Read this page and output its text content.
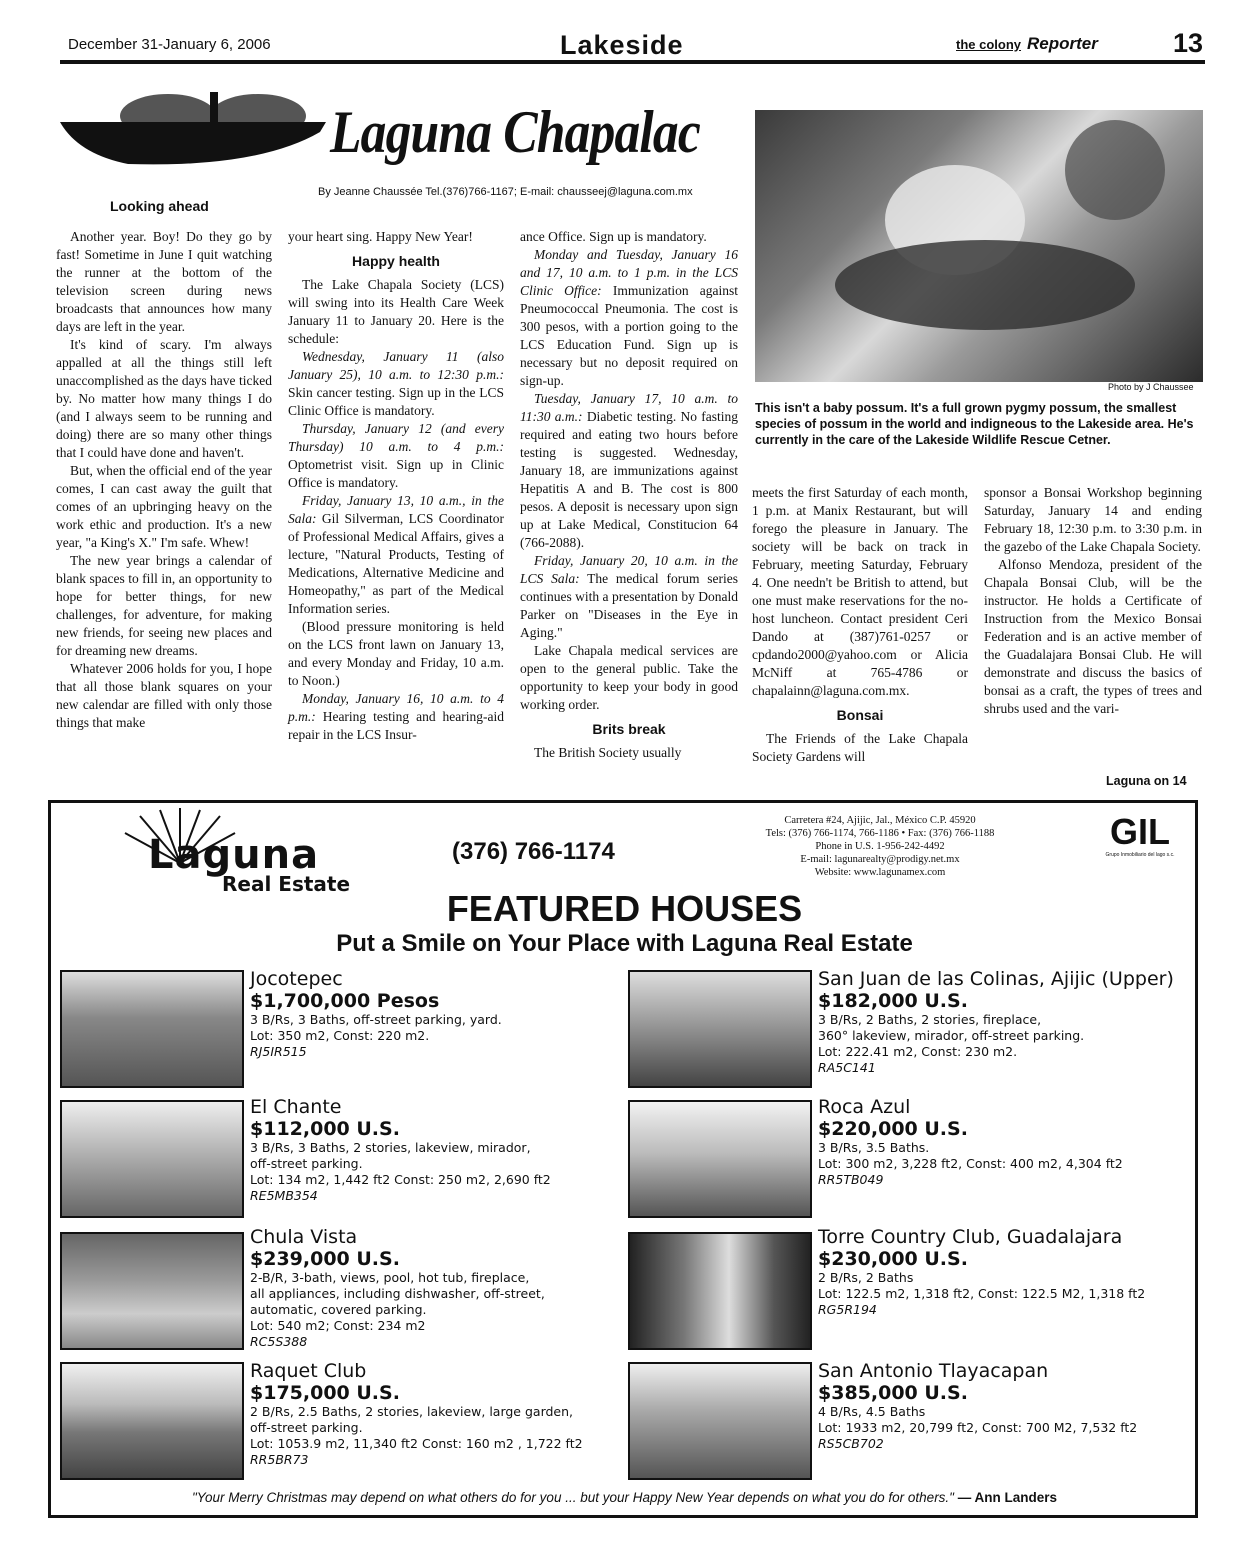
December 31-January 6, 2006	Lakeside	the colony Reporter	13
Laguna Chapalac
By Jeanne Chaussée Tel.(376)766-1167; E-mail: chausseej@laguna.com.mx
Looking ahead

Another year. Boy! Do they go by fast! Sometime in June I quit watching the runner at the bottom of the television screen during news broadcasts that announces how many days are left in the year.

It's kind of scary. I'm always appalled at all the things still left unaccomplished as the days have ticked by. No matter how many things I do (and I always seem to be running and doing) there are so many other things that I could have done and haven't.

But, when the official end of the year comes, I can cast away the guilt that comes of an upbringing heavy on the work ethic and production. It's a new year, "a King's X." I'm safe. Whew!

The new year brings a calendar of blank spaces to fill in, an opportunity to hope for better things, for new challenges, for adventure, for making new friends, for seeing new places and for dreaming new dreams.

Whatever 2006 holds for you, I hope that all those blank squares on your new calendar are filled with only those things that make

your heart sing. Happy New Year!

Happy health

The Lake Chapala Society (LCS) will swing into its Health Care Week January 11 to January 20. Here is the schedule:

Wednesday, January 11 (also January 25), 10 a.m. to 12:30 p.m.: Skin cancer testing. Sign up in the LCS Clinic Office is mandatory.

Thursday, January 12 (and every Thursday) 10 a.m. to 4 p.m.: Optometrist visit. Sign up in Clinic Office is mandatory.

Friday, January 13, 10 a.m., in the Sala: Gil Silverman, LCS Coordinator of Professional Medical Affairs, gives a lecture, "Natural Products, Testing of Medications, Alternative Medicine and Homeopathy," as part of the Medical Information series.

(Blood pressure monitoring is held on the LCS front lawn on January 13, and every Monday and Friday, 10 a.m. to Noon.)

Monday, January 16, 10 a.m. to 4 p.m.: Hearing testing and hearing-aid repair in the LCS Insur-

ance Office. Sign up is mandatory.

Monday and Tuesday, January 16 and 17, 10 a.m. to 1 p.m. in the LCS Clinic Office: Immunization against Pneumococcal Pneumonia. The cost is 300 pesos, with a portion going to the LCS Education Fund. Sign up is necessary but no deposit required on sign-up.

Tuesday, January 17, 10 a.m. to 11:30 a.m.: Diabetic testing. No fasting required and eating two hours before testing is suggested. Wednesday, January 18, are immunizations against Hepatitis A and B. The cost is 800 pesos. A deposit is necessary upon sign up at Lake Medical, Constitucion 64 (766-2088).

Friday, January 20, 10 a.m. in the LCS Sala: The medical forum series continues with a presentation by Donald Parker on "Diseases in the Eye in Aging."

Lake Chapala medical services are open to the general public. Take the opportunity to keep your body in good working order.

Brits break

The British Society usually

Photo by J Chaussee
This isn't a baby possum. It's a full grown pygmy possum, the smallest species of possum in the world and indigneous to the Lakeside area. He's currently in the care of the Lakeside Wildlife Rescue Cetner.

meets the first Saturday of each month, 1 p.m. at Manix Restaurant, but will forego the pleasure in January. The society will be back on track in February, meeting Saturday, February 4. One needn't be British to attend, but one must make reservations for the no-host luncheon. Contact president Ceri Dando at (387)761-0257 or cpdando2000@yahoo.com or Alicia McNiff at 765-4786 or chapalainn@laguna.com.mx.

Bonsai

The Friends of the Lake Chapala Society Gardens will

sponsor a Bonsai Workshop beginning Saturday, January 14 and ending February 18, 12:30 p.m. to 3:30 p.m. in the gazebo of the Lake Chapala Society.

Alfonso Mendoza, president of the Chapala Bonsai Club, will be the instructor. He holds a Certificate of Instruction from the Mexico Bonsai Federation and is an active member of the Guadalajara Bonsai Club. He will demonstrate and discuss the basics of bonsai as a craft, the types of trees and shrubs used and the vari-

Laguna on 14
Laguna
Real Estate
(376) 766-1174
Carretera #24, Ajijic, Jal., México C.P. 45920
Tels: (376) 766-1174, 766-1186 • Fax: (376) 766-1188
Phone in U.S. 1-956-242-4492
E-mail: lagunarealty@prodigy.net.mx
Website: www.lagunamex.com
GIL
Grupo Inmobiliario del lago s.c.
FEATURED HOUSES
Put a Smile on Your Place with Laguna Real Estate
Jocotepec
$1,700,000 Pesos
3 B/Rs, 3 Baths, off-street parking, yard.
Lot: 350 m2, Const: 220 m2.
RJ5IR515
El Chante
$112,000 U.S.
3 B/Rs, 3 Baths, 2 stories, lakeview, mirador,
off-street parking.
Lot: 134 m2, 1,442 ft2 Const: 250 m2, 2,690 ft2
RE5MB354
Chula Vista
$239,000 U.S.
2-B/R, 3-bath, views, pool, hot tub, fireplace,
all appliances, including dishwasher, off-street,
automatic, covered parking.
Lot: 540 m2; Const: 234 m2
RC5S388
Raquet Club
$175,000 U.S.
2 B/Rs, 2.5 Baths, 2 stories, lakeview, large garden,
off-street parking.
Lot: 1053.9 m2, 11,340 ft2 Const: 160 m2 , 1,722 ft2
RR5BR73
San Juan de las Colinas, Ajijic (Upper)
$182,000 U.S.
3 B/Rs, 2 Baths, 2 stories, fireplace,
360° lakeview, mirador, off-street parking.
Lot: 222.41 m2, Const: 230 m2.
RA5C141
Roca Azul
$220,000 U.S.
3 B/Rs, 3.5 Baths.
Lot: 300 m2, 3,228 ft2, Const: 400 m2, 4,304 ft2
RR5TB049
Torre Country Club, Guadalajara
$230,000 U.S.
2 B/Rs, 2 Baths
Lot: 122.5 m2, 1,318 ft2, Const: 122.5 M2, 1,318 ft2
RG5R194
San Antonio Tlayacapan
$385,000 U.S.
4 B/Rs, 4.5 Baths
Lot: 1933 m2, 20,799 ft2, Const: 700 M2, 7,532 ft2
RS5CB702
"Your Merry Christmas may depend on what others do for you ... but your Happy New Year depends on what you do for others." — Ann Landers
